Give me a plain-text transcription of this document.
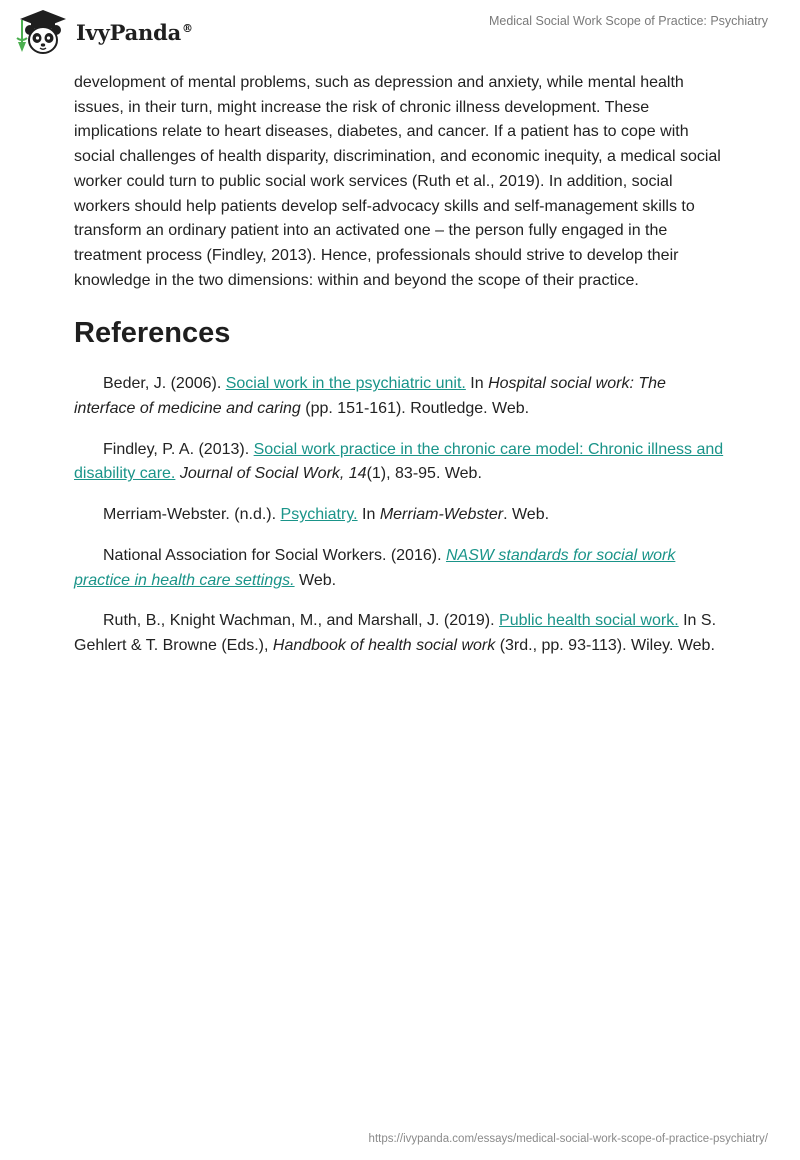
IvyPanda®	Medical Social Work Scope of Practice: Psychiatry

development of mental problems, such as depression and anxiety, while mental health issues, in their turn, might increase the risk of chronic illness development. These implications relate to heart diseases, diabetes, and cancer. If a patient has to cope with social challenges of health disparity, discrimination, and economic inequity, a medical social worker could turn to public social work services (Ruth et al., 2019). In addition, social workers should help patients develop self-advocacy skills and self-management skills to transform an ordinary patient into an activated one – the person fully engaged in the treatment process (Findley, 2013). Hence, professionals should strive to develop their knowledge in the two dimensions: within and beyond the scope of their practice.

References

Beder, J. (2006). Social work in the psychiatric unit. In Hospital social work: The interface of medicine and caring (pp. 151-161). Routledge. Web.

Findley, P. A. (2013). Social work practice in the chronic care model: Chronic illness and disability care. Journal of Social Work, 14(1), 83-95. Web.

Merriam-Webster. (n.d.). Psychiatry. In Merriam-Webster. Web.

National Association for Social Workers. (2016). NASW standards for social work practice in health care settings. Web.

Ruth, B., Knight Wachman, M., and Marshall, J. (2019). Public health social work. In S. Gehlert & T. Browne (Eds.), Handbook of health social work (3rd., pp. 93-113). Wiley. Web.

https://ivypanda.com/essays/medical-social-work-scope-of-practice-psychiatry/
